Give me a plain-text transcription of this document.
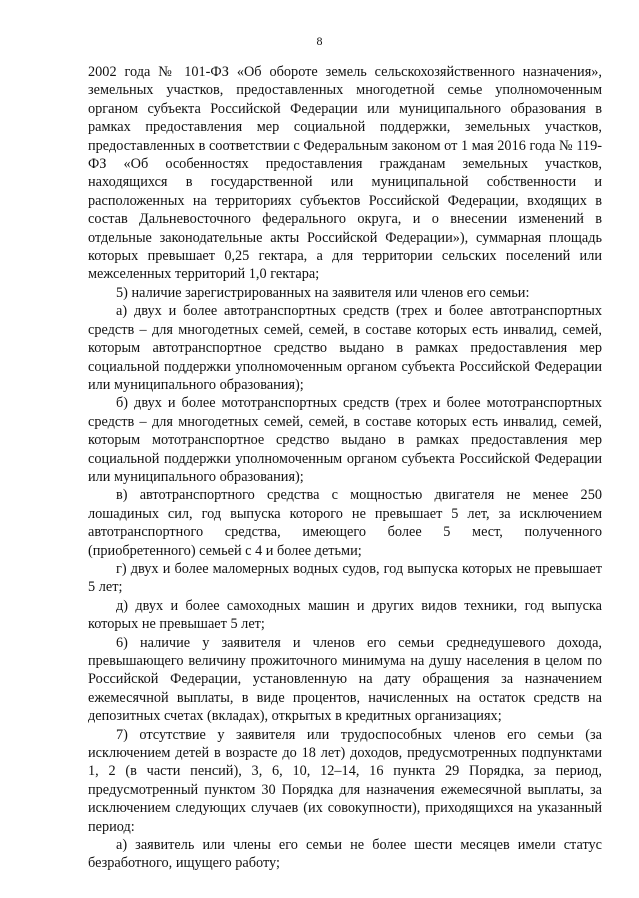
8

2002 года № 101-ФЗ «Об обороте земель сельскохозяйственного назначения», земельных участков, предоставленных многодетной семье уполномоченным органом субъекта Российской Федерации или муниципального образования в рамках предоставления мер социальной поддержки, земельных участков, предоставленных в соответствии с Федеральным законом от 1 мая 2016 года № 119-ФЗ «Об особенностях предоставления гражданам земельных участков, находящихся в государственной или муниципальной собственности и расположенных на территориях субъектов Российской Федерации, входящих в состав Дальневосточного федерального округа, и о внесении изменений в отдельные законодательные акты Российской Федерации»), суммарная площадь которых превышает 0,25 гектара, а для территории сельских поселений или межселенных территорий 1,0 гектара;

5) наличие зарегистрированных на заявителя или членов его семьи:

а) двух и более автотранспортных средств (трех и более автотранспортных средств – для многодетных семей, семей, в составе которых есть инвалид, семей, которым автотранспортное средство выдано в рамках предоставления мер социальной поддержки уполномоченным органом субъекта Российской Федерации или муниципального образования);

б) двух и более мототранспортных средств (трех и более мототранспортных средств – для многодетных семей, семей, в составе которых есть инвалид, семей, которым мототранспортное средство выдано в рамках предоставления мер социальной поддержки уполномоченным органом субъекта Российской Федерации или муниципального образования);

в) автотранспортного средства с мощностью двигателя не менее 250 лошадиных сил, год выпуска которого не превышает 5 лет, за исключением автотранспортного средства, имеющего более 5 мест, полученного (приобретенного) семьей с 4 и более детьми;

г) двух и более маломерных водных судов, год выпуска которых не превышает 5 лет;

д) двух и более самоходных машин и других видов техники, год выпуска которых не превышает 5 лет;

6) наличие у заявителя и членов его семьи среднедушевого дохода, превышающего величину прожиточного минимума на душу населения в целом по Российской Федерации, установленную на дату обращения за назначением ежемесячной выплаты, в виде процентов, начисленных на остаток средств на депозитных счетах (вкладах), открытых в кредитных организациях;

7) отсутствие у заявителя или трудоспособных членов его семьи (за исключением детей в возрасте до 18 лет) доходов, предусмотренных подпунктами 1, 2 (в части пенсий), 3, 6, 10, 12–14, 16 пункта 29 Порядка, за период, предусмотренный пунктом 30 Порядка для назначения ежемесячной выплаты, за исключением следующих случаев (их совокупности), приходящихся на указанный период:

а) заявитель или члены его семьи не более шести месяцев имели статус безработного, ищущего работу;
